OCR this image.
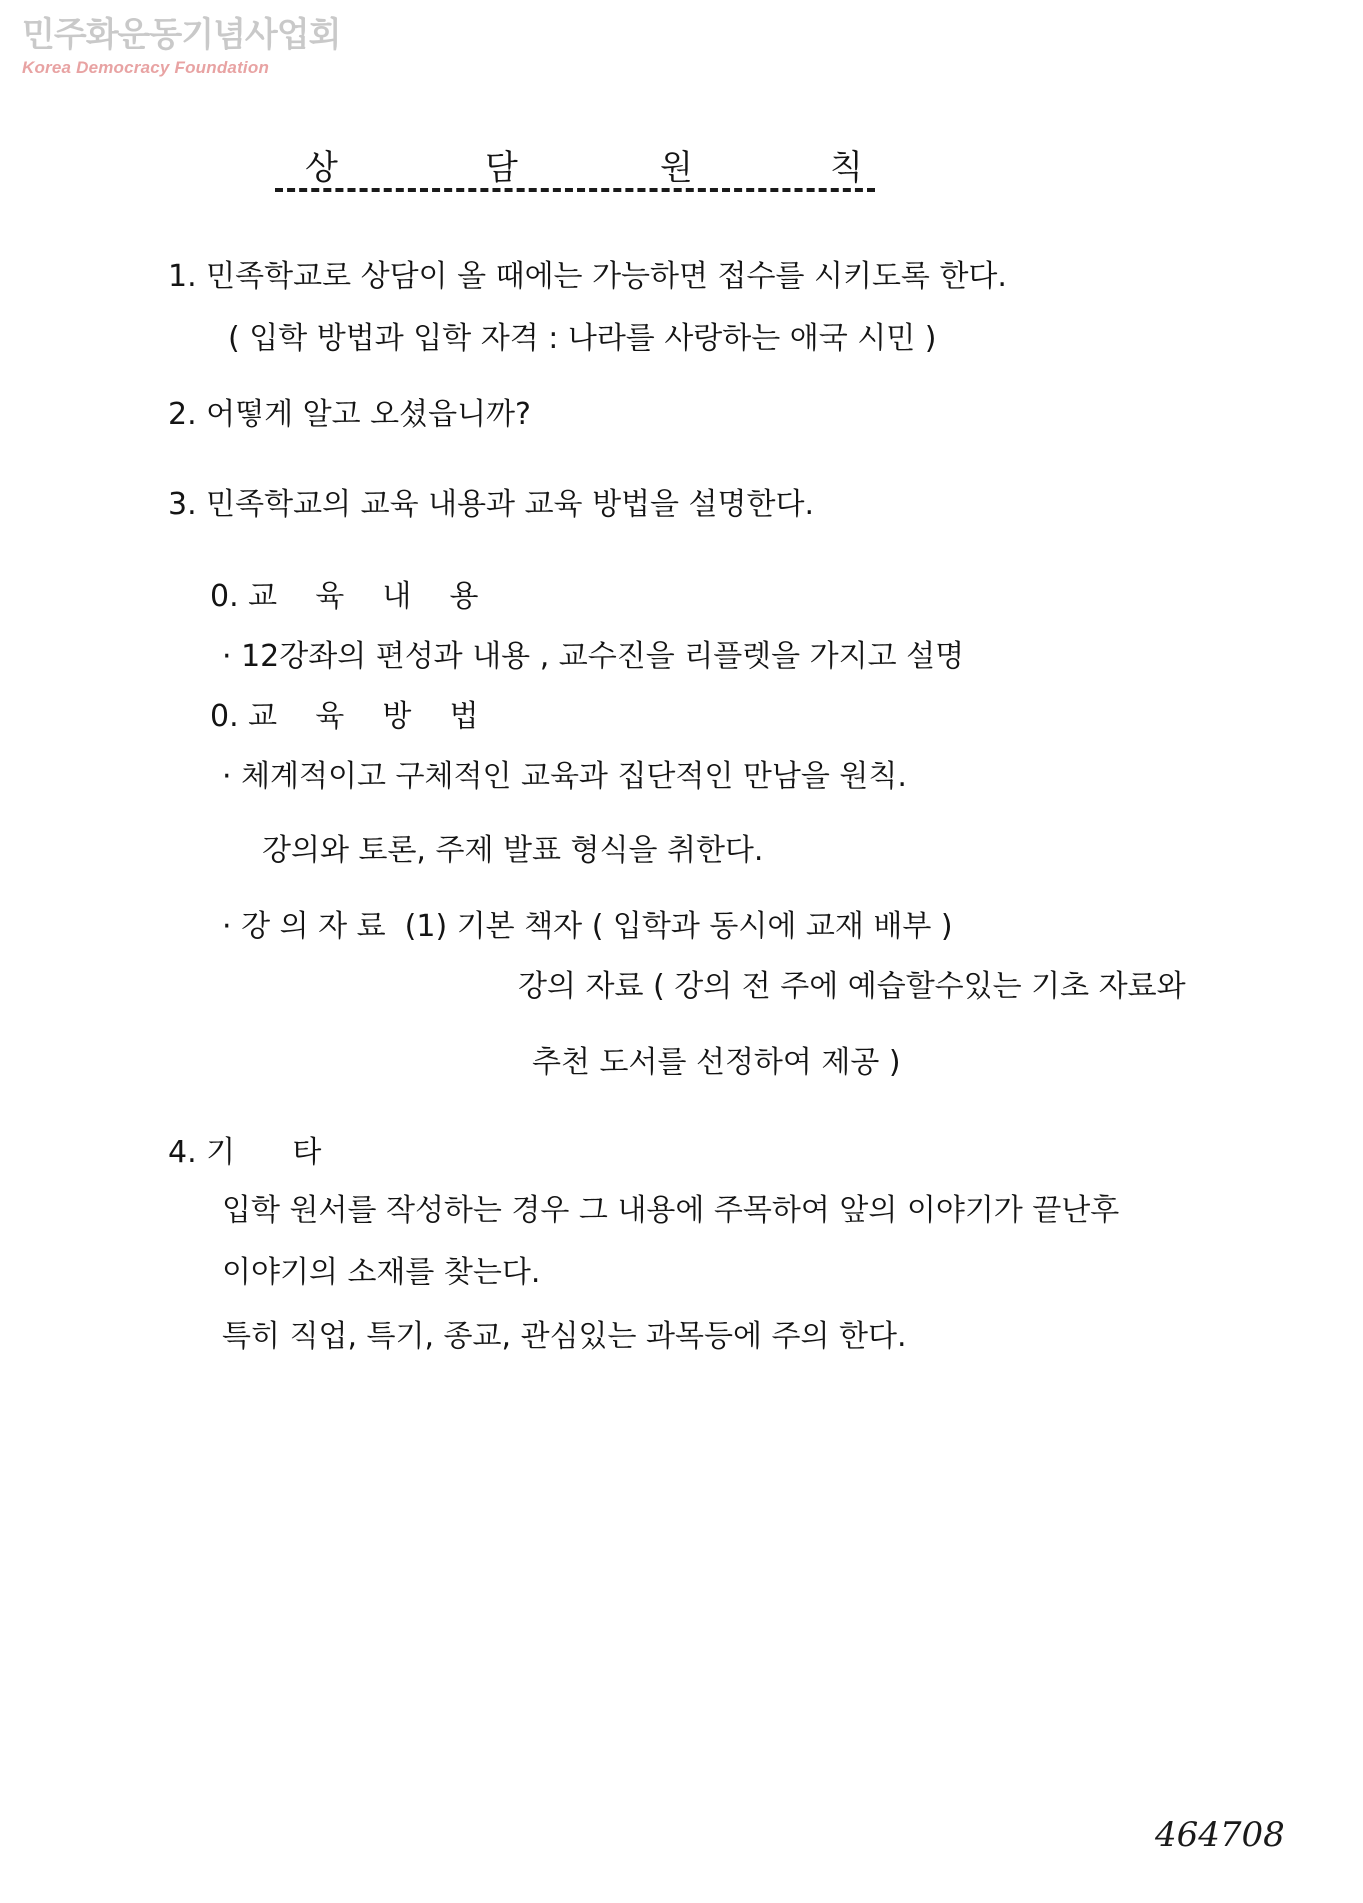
민주화운동기념사업회
Korea Democracy Foundation
상	담	원	칙
1. 민족학교로 상담이 올 때에는 가능하면 접수를 시키도록 한다.
( 입학 방법과 입학 자격 : 나라를 사랑하는 애국 시민 )
2. 어떻게 알고 오셨읍니까?
3. 민족학교의 교육 내용과 교육 방법을 설명한다.
0. 교    육    내    용
· 12강좌의 편성과 내용 , 교수진을 리플렛을 가지고 설명
0. 교    육    방    법
· 체계적이고 구체적인 교육과 집단적인 만남을 원칙.
강의와 토론, 주제 발표 형식을 취한다.
· 강 의 자 료  (1) 기본 책자 ( 입학과 동시에 교재 배부 )
강의 자료 ( 강의 전 주에 예습할수있는 기초 자료와
추천 도서를 선정하여 제공 )
4. 기      타
입학 원서를 작성하는 경우 그 내용에 주목하여 앞의 이야기가 끝난후
이야기의 소재를 찾는다.
특히 직업, 특기, 종교, 관심있는 과목등에 주의 한다.
464708
